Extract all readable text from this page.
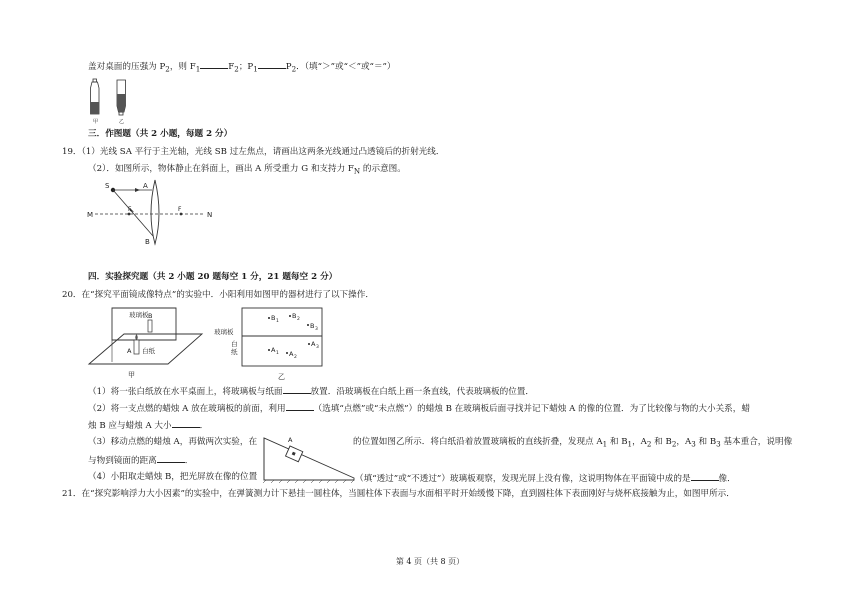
盖对桌面的压强为 $P_2$，则 $F_1$	$F_2$；$P_1$	$P_2$．（填“＞”或“＜”或“＝”）
甲	乙
三．作图题（共 2 小题，每题 2 分）
19．（1）光线 SA 平行于主光轴，光线 SB 过左焦点，请画出这两条光线通过凸透镜后的折射光线．
（2）．如图所示，物体静止在斜面上，画出 A 所受重力 G 和支持力 $F_N$ 的示意图。
S	A
B
M	N
F	F
四．实验探究题（共 2 小题 20 题每空 1 分，21 题每空 2 分）
20．在“探究平面镜成像特点”的实验中．小阳利用如图甲的器材进行了以下操作．
玻璃板 B
A 白纸
甲
玻璃板
白
纸
B 1
B 2
B 3
A 1 A 2
A 3
乙
（1）将一张白纸放在水平桌面上，将玻璃板与纸面	放置．沿玻璃板在白纸上画一条直线，代表玻璃板的位置．
（2）将一支点燃的蜡烛 A 放在玻璃板的前面，利用	（选填“点燃”或“未点燃”）的蜡烛 B 在玻璃板后面寻找并记下蜡烛 A 的像的位置．为了比较像与物的大小关系，蜡
烛 B 应与蜡烛 A 大小	．
（3）移动点燃的蜡烛 A，再做两次实验，在	的位置如图乙所示．将白纸沿着放置玻璃板的直线折叠，发现点 $A_1$ 和 $B_1$，$A_2$ 和 $B_2$，$A_3$ 和 $B_3$ 基本重合，说明像
与物到镜面的距离	．
A
（4）小阳取走蜡烛 B，把光屏放在像的位置	（填“透过”或“不透过”）玻璃板观察，发现光屏上没有像，这说明物体在平面镜中成的是	像．
21．在“探究影响浮力大小因素”的实验中，在弹簧测力计下悬挂一圆柱体，当圆柱体下表面与水面相平时开始缓慢下降，直到圆柱体下表面刚好与烧杯底接触为止，如图甲所示．
第 4 页（共 8 页）
